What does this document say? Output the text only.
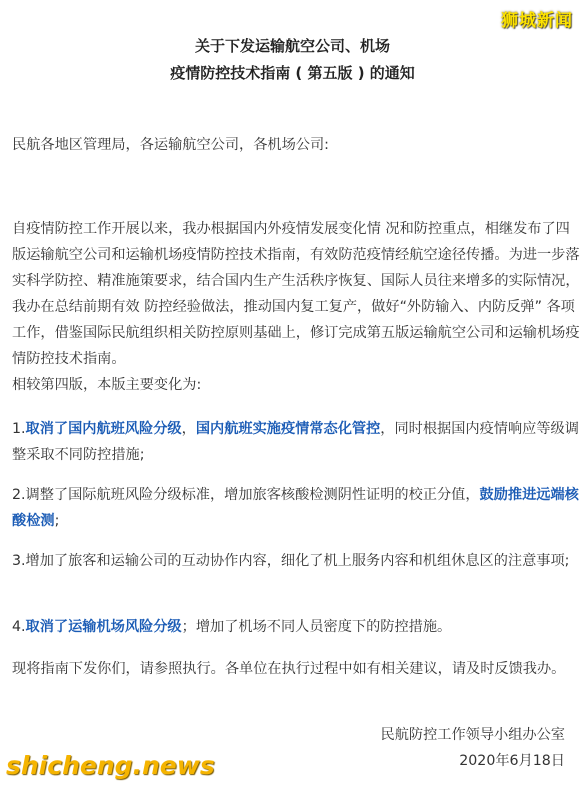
狮城新闻
关于下发运输航空公司、机场
疫情防控技术指南 ( 第五版 ) 的通知

民航各地区管理局，各运输航空公司，各机场公司:

自疫情防控工作开展以来，我办根据国内外疫情发展变化情 况和防控重点，相继发布了四版运输航空公司和运输机场疫情防控技术指南，有效防范疫情经航空途径传播。为进一步落实科学防控、精准施策要求，结合国内生产生活秩序恢复、国际人员往来增多的实际情况，我办在总结前期有效 防控经验做法，推动国内复工复产，做好“外防输入、内防反弹” 各项工作，借鉴国际民航组织相关防控原则基础上，修订完成第五版运输航空公司和运输机场疫情防控技术指南。

相较第四版，本版主要变化为:

1.取消了国内航班风险分级，国内航班实施疫情常态化管控，同时根据国内疫情响应等级调整采取不同防控措施;

2.调整了国际航班风险分级标准，增加旅客核酸检测阴性证明的校正分值，鼓励推进远端核酸检测;

3.增加了旅客和运输公司的互动协作内容，细化了机上服务内容和机组休息区的注意事项;

4.取消了运输机场风险分级；增加了机场不同人员密度下的防控措施。

现将指南下发你们，请参照执行。各单位在执行过程中如有相关建议，请及时反馈我办。

民航防控工作领导小组办公室
2020年6月18日
shicheng.news
